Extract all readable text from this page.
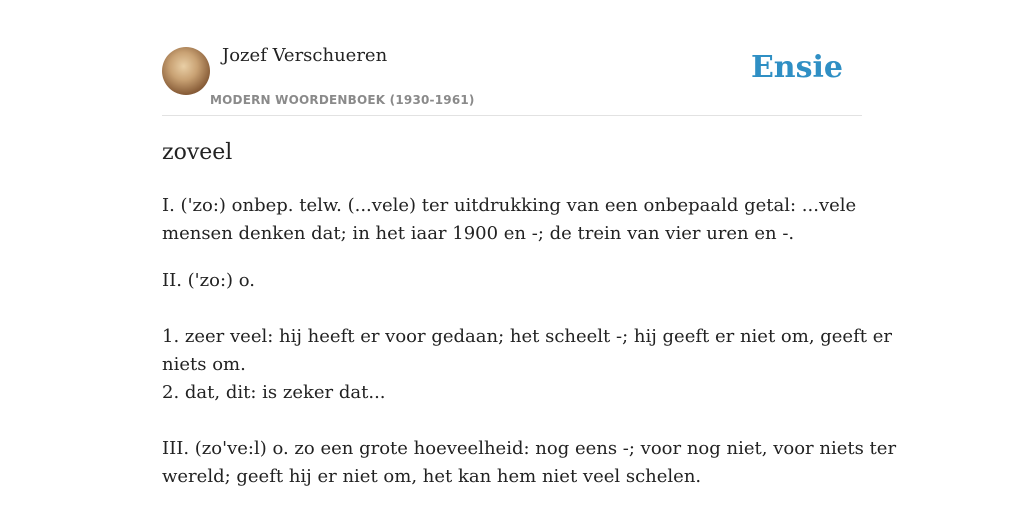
Jozef Verschueren
MODERN WOORDENBOEK (1930-1961)
Ensie
zoveel

I. ('zo:) onbep. telw. (...vele) ter uitdrukking van een onbepaald getal: ...vele
mensen denken dat; in het iaar 1900 en -; de trein van vier uren en -.

II. ('zo:) o.
1. zeer veel: hij heeft er voor gedaan; het scheelt -; hij geeft er niet om, geeft er
niets om.
2. dat, dit: is zeker dat...
III. (zo've:l) o. zo een grote hoeveelheid: nog eens -; voor nog niet, voor niets ter
wereld; geeft hij er niet om, het kan hem niet veel schelen.
